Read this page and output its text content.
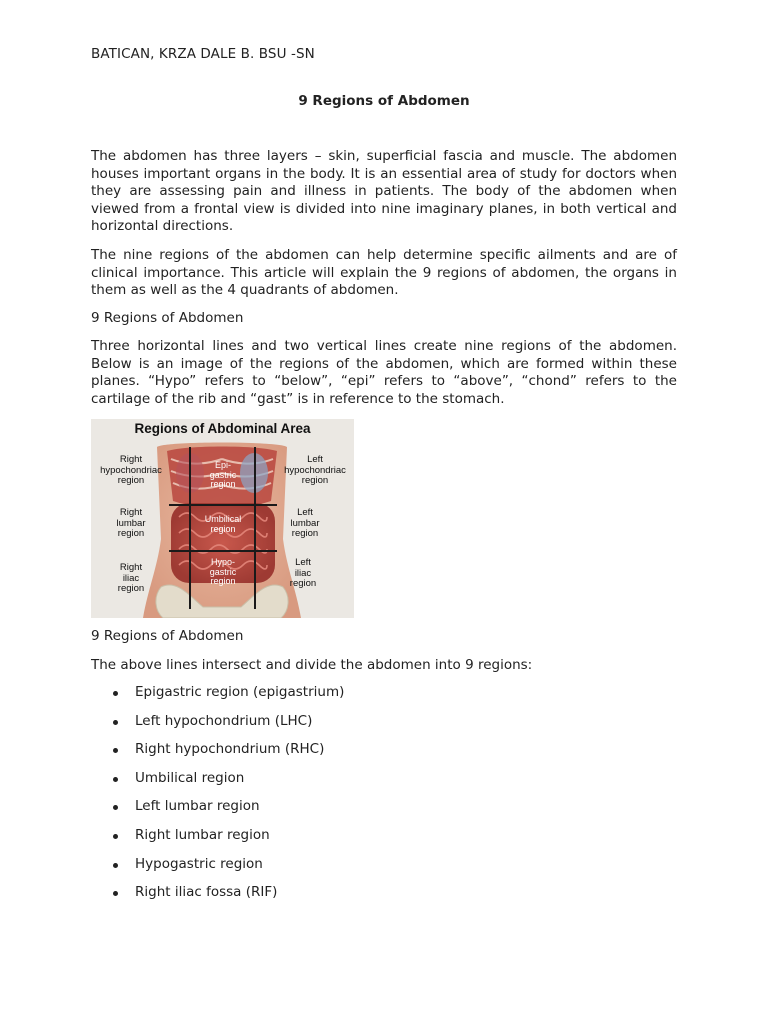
BATICAN, KRZA DALE B. BSU -SN
9 Regions of Abdomen

The abdomen has three layers – skin, superficial fascia and muscle. The abdomen houses important organs in the body. It is an essential area of study for doctors when they are assessing pain and illness in patients. The body of the abdomen when viewed from a frontal view is divided into nine imaginary planes, in both vertical and horizontal directions.

The nine regions of the abdomen can help determine specific ailments and are of clinical importance. This article will explain the 9 regions of abdomen, the organs in them as well as the 4 quadrants of abdomen.

9 Regions of Abdomen

Three horizontal lines and two vertical lines create nine regions of the abdomen. Below is an image of the regions of the abdomen, which are formed within these planes. “Hypo” refers to “below”, “epi” refers to “above”, “chond” refers to the cartilage of the rib and “gast” is in reference to the stomach.

Regions of Abdominal Area
Right
hypochondriac
region
Left
hypochondriac
region
Epi-
gastric
region
Right
lumbar
region
Umbilical
region
Left
lumbar
region
Right
iliac
region
Hypo-
gastric
region
Left
iliac
region

9 Regions of Abdomen

The above lines intersect and divide the abdomen into 9 regions:

Epigastric region (epigastrium)
Left hypochondrium (LHC)
Right hypochondrium (RHC)
Umbilical region
Left lumbar region
Right lumbar region
Hypogastric region
Right iliac fossa (RIF)
